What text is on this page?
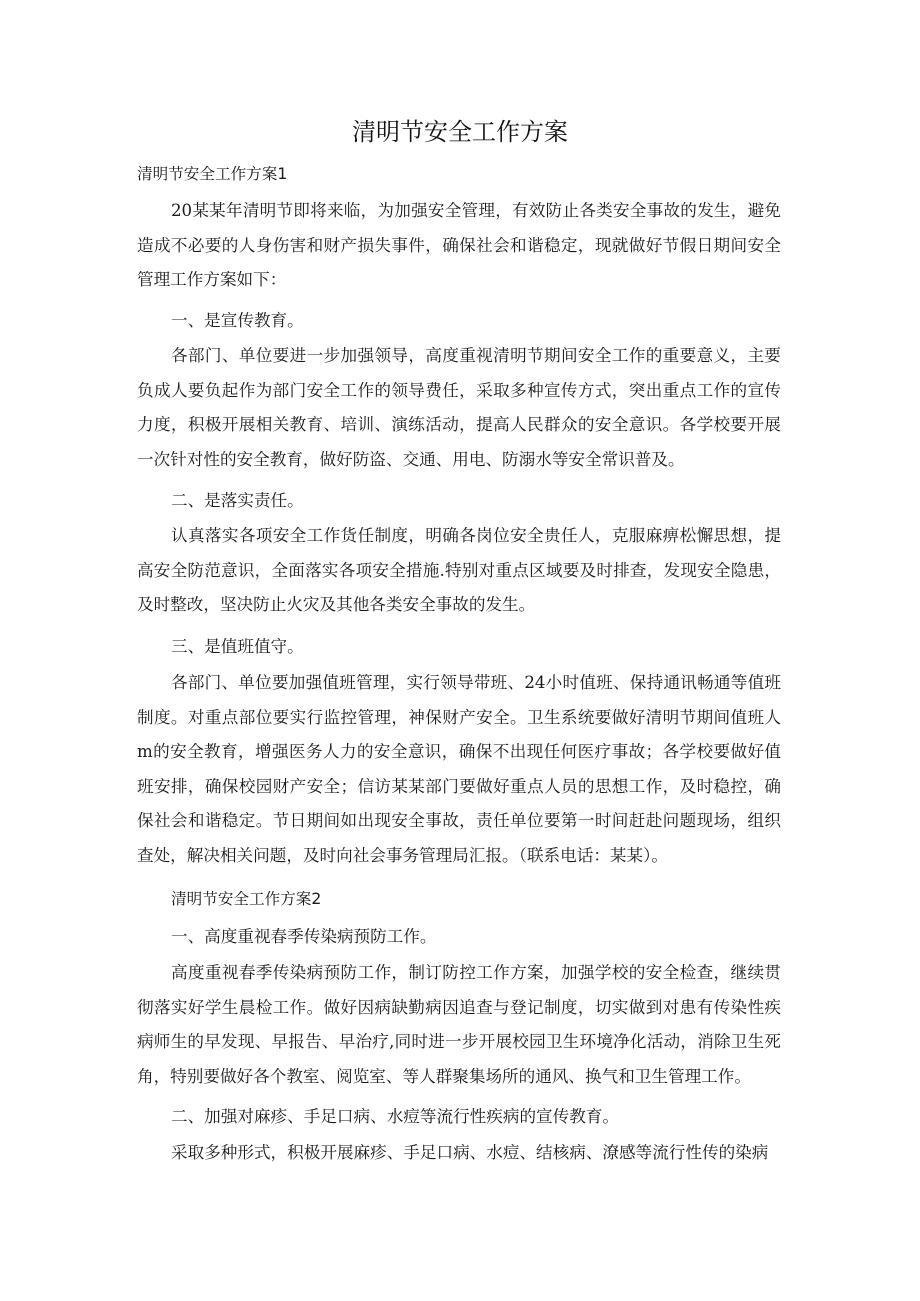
清明节安全工作方案
清明节安全工作方案1
20某某年清明节即将来临，为加强安全管理，有效防止各类安全事故的发生，避免造成不必要的人身伤害和财产损失事件，确保社会和谐稳定，现就做好节假日期间安全管理工作方案如下：
一、是宣传教育。
各部门、单位要进一步加强领导，高度重视清明节期间安全工作的重要意义，主要负成人要负起作为部门安全工作的领导费任，采取多种宣传方式，突出重点工作的宣传力度，积极开展相关教育、培训、演练活动，提高人民群众的安全意识。各学校要开展一次针对性的安全教育，做好防盗、交通、用电、防溺水等安全常识普及。
二、是落实责任。
认真落实各项安全工作货任制度，明确各岗位安全贵任人，克服麻痹松懈思想，提高安全防范意识，全面落实各项安全措施.特别对重点区域要及时排查，发现安全隐患，及时整改，坚决防止火灾及其他各类安全事故的发生。
三、是值班值守。
各部门、单位要加强值班管理，实行领导带班、24小时值班、保持通讯畅通等值班制度。对重点部位要实行监控管理，神保财产安全。卫生系统要做好清明节期间值班人m的安全教育，增强医务人力的安全意识，确保不出现任何医疗事故；各学校要做好值班安排，确保校园财产安全；信访某某部门要做好重点人员的思想工作，及时稳控，确保社会和谐稳定。节日期间如出现安全事故，责任单位要第一时间赶赴问题现场，组织查处，解决相关问题，及时向社会事务管理局汇报。（联系电话：某某）。
清明节安全工作方案2
一、高度重视春季传染病预防工作。
高度重视春季传染病预防工作，制订防控工作方案，加强学校的安全检查，继续贯彻落实好学生晨检工作。做好因病缺勤病因追查与登记制度，切实做到对患有传染性疾病师生的早发现、早报告、早治疗,同时进一步开展校园卫生环境净化活动，消除卫生死角，特别要做好各个教室、阅览室、等人群聚集场所的通风、换气和卫生管理工作。
二、加强对麻疹、手足口病、水痘等流行性疾病的宣传教育。
采取多种形式，积极开展麻疹、手足口病、水痘、结核病、潦感等流行性传的染病
